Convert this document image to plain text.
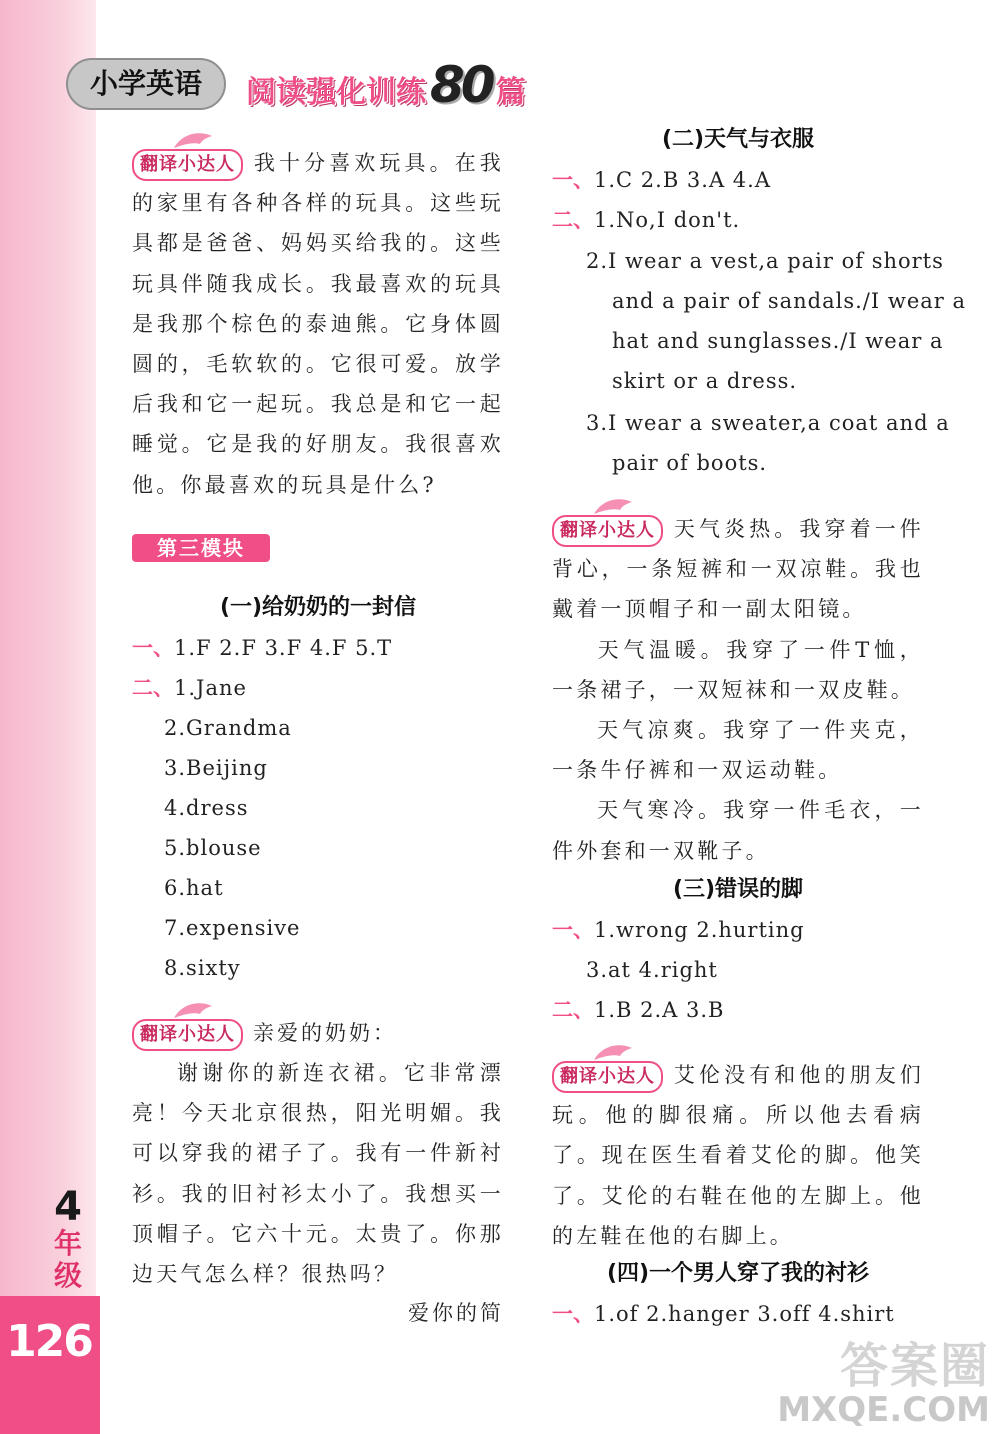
4
年
级
126
小学英语	阅读强化训练80 篇
翻译小达人 我十分喜欢玩具。在我的家里有各种各样的玩具。这些玩具都是爸爸、妈妈买给我的。这些玩具伴随我成长。我最喜欢的玩具是我那个棕色的泰迪熊。它身体圆圆的，毛软软的。它很可爱。放学后我和它一起玩。我总是和它一起睡觉。它是我的好朋友。我很喜欢他。你最喜欢的玩具是什么?
第三模块
(一)给奶奶的一封信
一、1.F 2.F 3.F 4.F 5.T
二、1.Jane
2.Grandma
3.Beijing
4.dress
5.blouse
6.hat
7.expensive
8.sixty
翻译小达人 亲爱的奶奶：
谢谢你的新连衣裙。它非常漂亮！今天北京很热，阳光明媚。我可以穿我的裙子了。我有一件新衬衫。我的旧衬衫太小了。我想买一顶帽子。它六十元。太贵了。你那边天气怎么样？很热吗？
爱你的简
(二)天气与衣服
一、1.C 2.B 3.A 4.A
二、1.No,I don't.
2.I wear a vest,a pair of shorts
and a pair of sandals./I wear a
hat and sunglasses./I wear a
skirt or a dress.
3.I wear a sweater,a coat and a
pair of boots.
翻译小达人 天气炎热。我穿着一件背心，一条短裤和一双凉鞋。我也戴着一顶帽子和一副太阳镜。
天气温暖。我穿了一件T恤，一条裙子，一双短袜和一双皮鞋。
天气凉爽。我穿了一件夹克，一条牛仔裤和一双运动鞋。
天气寒冷。我穿一件毛衣，一件外套和一双靴子。
(三)错误的脚
一、1.wrong 2.hurting
3.at 4.right
二、1.B 2.A 3.B
翻译小达人 艾伦没有和他的朋友们玩。他的脚很痛。所以他去看病了。现在医生看着艾伦的脚。他笑了。艾伦的右鞋在他的左脚上。他的左鞋在他的右脚上。
(四)一个男人穿了我的衬衫
一、1.of 2.hanger 3.off 4.shirt
答案圈
MXQE.COM
